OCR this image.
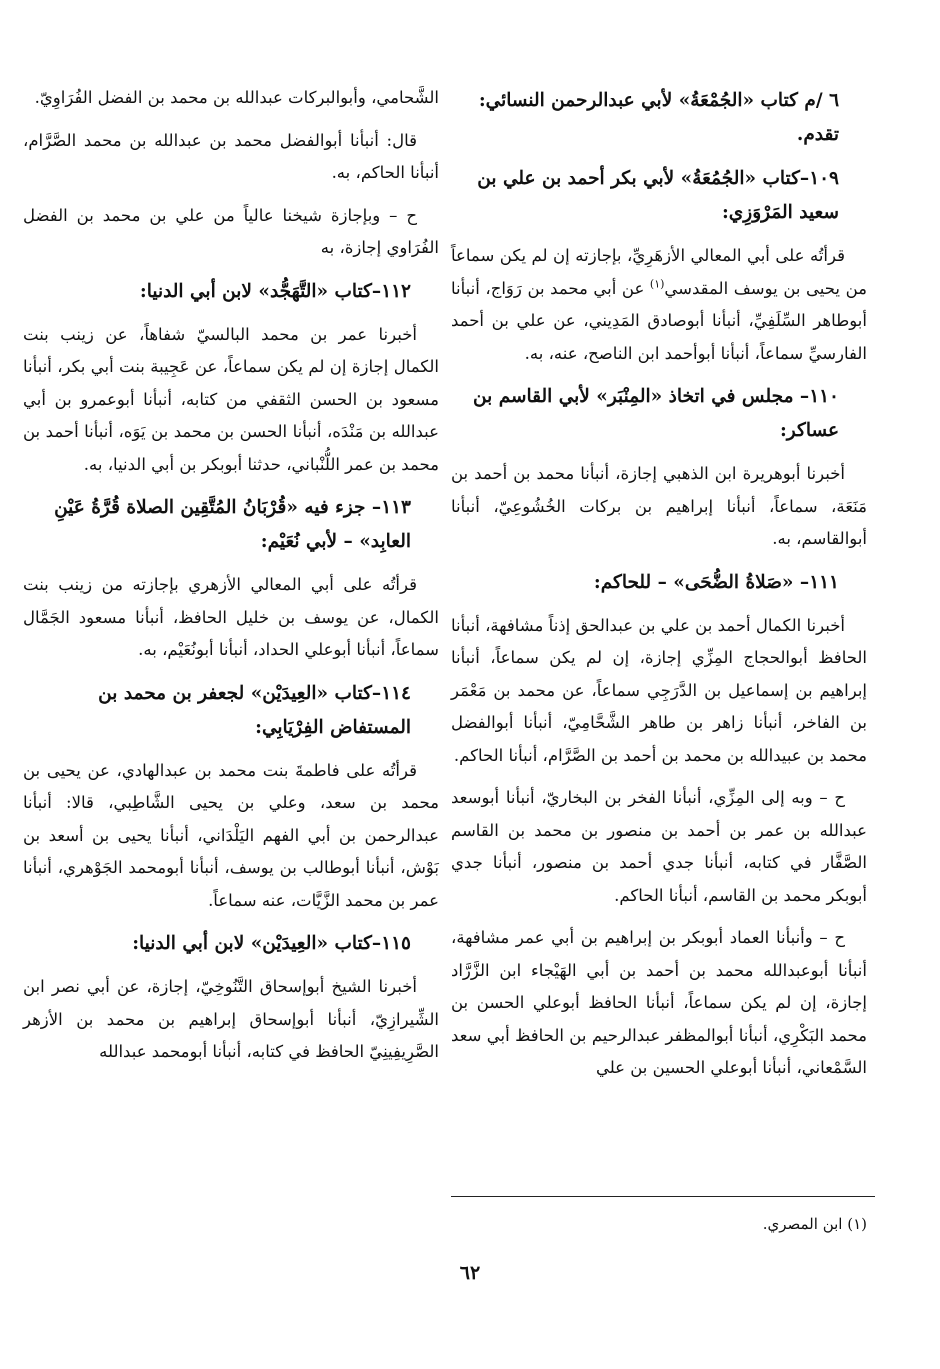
٦ /م كتاب «الجُمْعَةُ» لأبي عبدالرحمن النسائي: تقدم.
١٠٩–كتاب «الجُمُعَةُ» لأبي بكر أحمد بن علي بن سعيد المَرْوَزِي:

قرأتُه على أبي المعالي الأزهَرِيِّ، بإجازته إن لم يكن سماعاً من يحيى بن يوسف المقدسي$^{(١)}$ عن أبي محمد بن رَوَاج، أنبأنا أبوطاهر السِّلَفِيِّ، أنبأنا أبوصادق المَدِيني، عن علي بن أحمد الفارسيِّ سماعاً، أنبأنا أبوأحمد ابن الناصح، عنه، به.

١١٠– مجلس في اتخاذ «المِنْبَر» لأبي القاسم بن عساكر:

أخبرنا أبوهريرة ابن الذهبي إجازة، أنبأنا محمد بن أحمد بن مَنَعَة، سماعاً، أنبأنا إبراهيم بن بركات الخُشُوعِيّ، أنبأنا أبوالقاسم، به.

١١١– «صَلاةُ الضُّحَى» – للحاكم:

أخبرنا الكمال أحمد بن علي بن عبدالحق إذناً مشافهة، أنبأنا الحافظ أبوالحجاج المِزِّي إجازة، إن لم يكن سماعاً، أنبأنا إبراهيم بن إسماعيل بن الدَّرَجِي سماعاً، عن محمد بن مَعْمَر بن الفاخر، أنبأنا زاهر بن طاهر الشَّحَّامِيّ، أنبأنا أبوالفضل محمد بن عبيدالله بن محمد بن أحمد بن الصَّرَّام، أنبأنا الحاكم.

ح – وبه إلى المِزِّي، أنبأنا الفخر بن البخاريّ، أنبأنا أبوسعد عبدالله بن عمر بن أحمد بن منصور بن محمد بن القاسم الصَّفَّار في كتابه، أنبأنا جدي أحمد بن منصور، أنبأنا جدي أبوبكر محمد بن القاسم، أنبأنا الحاكم.

ح – وأنبأنا العماد أبوبكر بن إبراهيم بن أبي عمر مشافهة، أنبأنا أبوعبدالله محمد بن أحمد بن أبي الهَيْجاء ابن الزَّرَّاد إجازة، إن لم يكن سماعاً، أنبأنا الحافظ أبوعلي الحسن بن محمد البَكْرِي، أنبأنا أبوالمظفر عبدالرحيم بن الحافظ أبي سعد السَّمْعاني، أنبأنا أبوعلي الحسين بن علي

الشَّحامي، وأبوالبركات عبدالله بن محمد بن الفضل الفُرَاوِيّ.

قال: أنبأنا أبوالفضل محمد بن عبدالله بن محمد الصَّرَّام، أنبأنا الحاكم، به.

ح – وبإجازة شيخنا عالياً من علي بن محمد بن الفضل الفُرَاوي إجازة، به

١١٢–كتاب «التَّهَجُّد» لابن أبي الدنيا:

أخبرنا عمر بن محمد البالسيّ شفاهاً، عن زينب بنت الكمال إجازة إن لم يكن سماعاً، عن عَجِيبة بنت أبي بكر، أنبأنا مسعود بن الحسن الثقفي من كتابه، أنبأنا أبوعمرو بن أبي عبدالله بن مَنْدَه، أنبأنا الحسن بن محمد بن يَوَه، أنبأنا أحمد بن محمد بن عمر اللُّنْباني، حدثنا أبوبكر بن أبي الدنيا، به.

١١٣– جزء فيه «قُرْبَانُ المُتَّقِين الصلاة قُرَّةُ عَيْنِ العابِد» – لأبي نُعَيْم:

قرأتُه على أبي المعالي الأزهري بإجازته من زينب بنت الكمال، عن يوسف بن خليل الحافظ، أنبأنا مسعود الجَمَّال سماعاً، أنبأنا أبوعلي الحداد، أنبأنا أبونُعَيْم، به.

١١٤–كتاب «العِيدَيْن» لجعفر بن محمد بن المستفاض الفِرْيَابِي:

قرأتُه على فاطمةَ بنت محمد بن عبدالهادي، عن يحيى بن محمد بن سعد، وعلي بن يحيى الشَّاطِبي، قالا: أنبأنا عبدالرحمن بن أبي الفهم اليَلْدَاني، أنبأنا يحيى بن أسعد بن بَوْش، أنبأنا أبوطالب بن يوسف، أنبأنا أبومحمد الجَوْهري، أنبأنا عمر بن محمد الزَّيَّات، عنه سماعاً.

١١٥–كتاب «العِيدَيْن» لابن أبي الدنيا:

أخبرنا الشيخ أبوإسحاق التَّنُوخِيّ، إجازة، عن أبي نصر ابن الشِّيرازِيّ، أنبأنا أبوإسحاق إبراهيم بن محمد بن الأزهر الصَّرِيفِينِيّ الحافظ في كتابه، أنبأنا أبومحمد عبدالله

(١) ابن المصري.
٦٢
